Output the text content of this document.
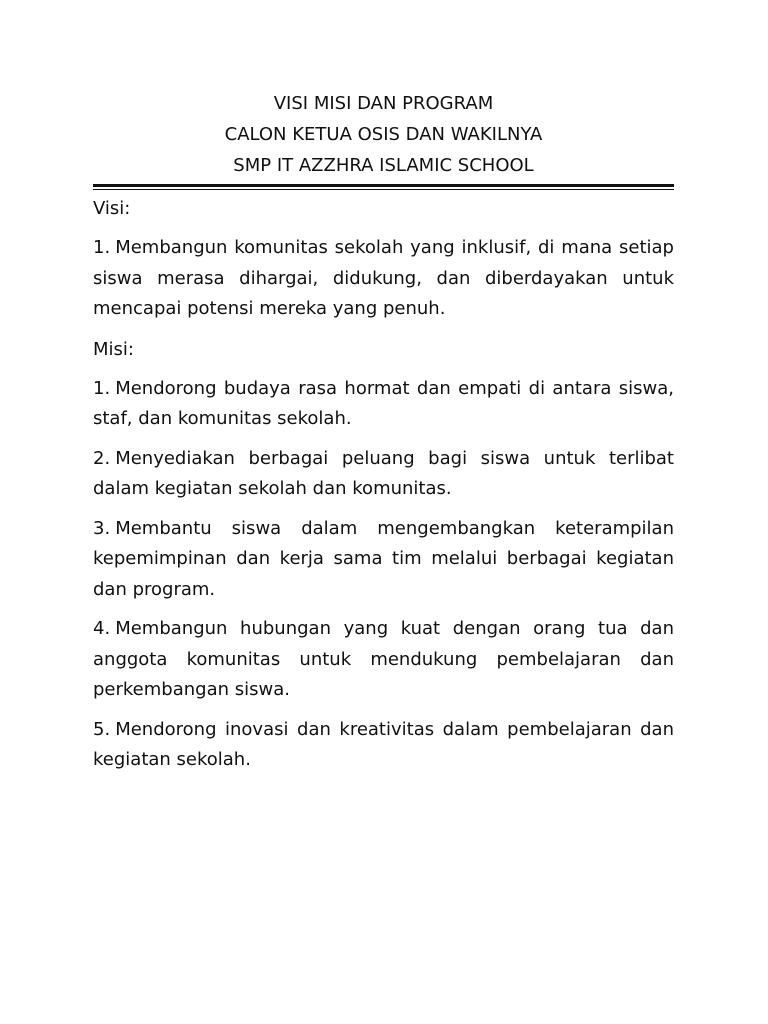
VISI MISI DAN PROGRAM
CALON KETUA OSIS DAN WAKILNYA
SMP IT AZZHRA ISLAMIC SCHOOL
Visi:
1. Membangun komunitas sekolah yang inklusif, di mana setiap siswa merasa dihargai, didukung, dan diberdayakan untuk mencapai potensi mereka yang penuh.
Misi:
1. Mendorong budaya rasa hormat dan empati di antara siswa, staf, dan komunitas sekolah.
2. Menyediakan berbagai peluang bagi siswa untuk terlibat dalam kegiatan sekolah dan komunitas.
3. Membantu siswa dalam mengembangkan keterampilan kepemimpinan dan kerja sama tim melalui berbagai kegiatan dan program.
4. Membangun hubungan yang kuat dengan orang tua dan anggota komunitas untuk mendukung pembelajaran dan perkembangan siswa.
5. Mendorong inovasi dan kreativitas dalam pembelajaran dan kegiatan sekolah.
